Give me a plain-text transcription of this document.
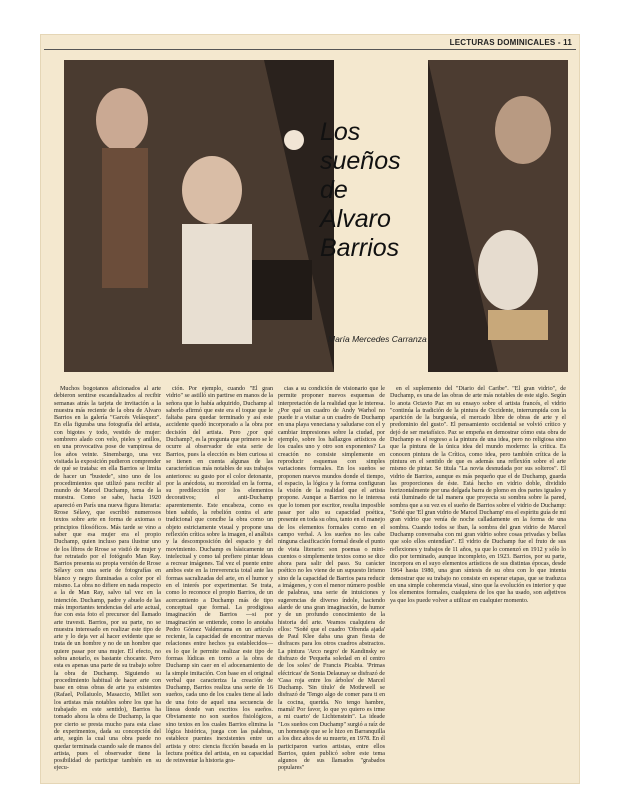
LECTURAS DOMINICALES - 11
Los
sueños
de
Alvaro
Barrios
María Mercedes Carranza

Muchos bogotanos aficionados al arte debieron sentirse escandalizados al recibir semanas atrás la tarjeta de invitación a la muestra más reciente de la obra de Alvaro Barrios en la galería "Garcés Velásquez". En ella figuraba una fotografía del artista, con bigotes y todo, vestido de mujer: sombrero alado con velo, pieles y anillos, en una provocativa pose de vampiresa de los años veinte. Sinembargo, una vez visitada la exposición pudieron comprender de qué se trataba: en ella Barrios se limita de hacer un "bustede", sino uno de los procedimientos que utilizó para recibir al mundo de Marcel Duchamp, tema de la muestra. Como se sabe, hacia 1920 apareció en París una nueva figura literaria: Rrose Sélavy, que escribió numerosos textos sobre arte en forma de axiomas o principios filosóficos. Más tarde se vino a saber que esa mujer era el propio Duchamp, quien incluso para ilustrar uno de los libros de Rrose se vistió de mujer y fue retratado por el fotógrafo Man Ray. Barrios presenta su propia versión de Rrose Sélavy con una serie de fotografías en blanco y negro iluminadas a color por el mismo. La obra no difiere en nada respecto a la de Man Ray, salvo tal vez en la intención. Duchamp, padre y abuelo de las más importantes tendencias del arte actual, fue con esta foto el precursor del llamado arte travesti. Barrios, por su parte, no se muestra interesado en realizar este tipo de arte y lo deja ver al hacer evidente que se trata de un hombre y no de un hombre que quiere pasar por una mujer. El efecto, no sobra anotarlo, es bastante chocante. Pero esta es apenas una parte de su trabajo sobre la obra de Duchamp. Siguiendo su procedimiento habitual de hacer arte con base en otras obras de arte ya existentes (Rafael, Pollaiuolo, Masaccio, Millet son los artistas más notables sobre los que ha trabajado en este sentido), Barrios ha tomado ahora la obra de Duchamp, la que por cierto se presta mucho para esta clase de experimentos, dada su concepción del arte, según la cual una obra puede no quedar terminada cuando sale de manos del artista, pues el observador tiene la posibilidad de participar también en su ejecu-

ción. Por ejemplo, cuando "El gran vidrio" se astilló sin partirse en manos de la señora que lo había adquirido, Duchamp al saberlo afirmó que este era el toque que le faltaba para quedar terminado y así este accidente quedó incorporado a la obra por decisión del artista. Pero ¿por qué Duchamp?, es la pregunta que primero se le ocurre al observador de esta serie de Barrios, pues la elección es bien curiosa si se tienen en cuenta algunas de las características más notables de sus trabajos anteriores: su gusto por el color detonante, por la anécdota, su moroidad en la forma, su predilección por los elementos decorativos; el anti-Duchamp aparentemente. Este encabeza, como es bien sabido, la rebelión contra el arte tradicional que concibe la obra como un objeto estrictamente visual y propone una reflexión crítica sobre la imagen, el análisis y la descomposición del espacio y del movimiento. Duchamp es básicamente un intelectual y como tal prefiere pintar ideas a recrear imágenes. Tal vez el puente entre ambos este en la irreverencia total ante las formas sacralizadas del arte, en el humor y en el interés por experimentar. Se trata, como lo reconoce el propio Barrios, de un acercamiento a Duchamp más de tipo conceptual que formal. La prodigiosa imaginación de Barrios —si por imaginación se entiende, como lo anotaba Pedro Gómez Valderrama en un artículo reciente, la capacidad de encontrar nuevas relaciones entre hechos ya establecidos— es lo que le permite realizar este tipo de formas lúdicas en torno a la obra de Duchamp sin caer en el adocenamiento de la simple imitación. Con base en el original verbal que caracteriza la creación de Duchamp, Barrios realiza una serie de 16 sueños, cada uno de los cuales tiene al lado de una foto de aquel una secuencia de líneas donde van escritos los sueños. Obviamente no son sueños fisiológicos, sino textos en los cuales Barrios elimina la lógica histórica, juega con las palabras, establece puentes inexistentes entre un artista y otro: ciencia ficción basada en la lectura poética del artista, en su capacidad de reinventar la historia gra-

cias a su condición de visionario que le permite proponer nuevos esquemas de interpretación de la realidad que le interesa. ¿Por qué un cuadro de Andy Warhol no puede ir a visitar a un cuadro de Duchamp en una playa veneciana y saludarse con el y cambiar impresiones sobre la ciudad, por ejemplo, sobre los hallazgos artísticos de los cuales uno y otro son exponentes? La creación no consiste simplemente en reproducir esquemas con simples variaciones formales. En los sueños se proponen nuevos mundos donde el tiempo, el espacio, la lógica y la forma configuran la visión de la realidad que el artista propone. Aunque a Barrios no le interesa que lo tomen por escritor, resulta imposible pasar por alto su capacidad poética, presente en toda su obra, tanto en el manejo de los elementos formales como en el campo verbal. A los sueños no les cabe ninguna clasificación formal desde el punto de vista literario: son poemas o mini-cuentos o simplemente textos como se dice ahora para salir del paso. Su carácter poético no les viene de un supuesto lirismo sino de la capacidad de Barrios para reducir a imágenes, y con el menor número posible de palabras, una serie de intuiciones y sugerencias de diverso índole, haciendo alarde de una gran imaginación, de humor y de un profundo conocimiento de la historia del arte. Veamos cualquiera de ellos: "Soñé que el cuadro 'Ofrenda ajada' de Paul Klee daba una gran fiesta de disfraces para los otros cuadros abstractos. La pintura 'Arco negro' de Kandinsky se disfrazo de 'Pequeña soledad en el centro de los soles' de Francis Picabia. 'Primas eléctricas' de Sonia Delaunay se disfrazó de 'Casa roja entre los árboles' de Marcel Duchamp. 'Sin título' de Mothrwell se disfrazó de 'Tengo algo de comer para ti en la cocina, querida. No tengo hambre, mamá! Por favor, lo que yo quiero es irme a mi cuarto' de Lichtenstein". La ideade "Los sueños con Duchamp" surgió a raíz de un homenaje que se le hizo en Barranquilla a los diez años de su muerte, en 1978. En él participaron varios artistas, entre ellos Barrios, quien publicó sobre este tema algunos de sus llamados "grabados populares"

en el suplemento del "Diario del Caribe". "El gran vidrio", de Duchamp, es una de las obras de arte más notables de este siglo. Según lo anota Octavio Paz en su ensayo sobre el artista francés, el vidrio "continúa la tradición de la pintura de Occidente, interrumpida con la aparición de la burguesía, el mercado libre de obras de arte y el predominio del gusto". El pensamiento occidental se volvió crítico y dejó de ser metafísico. Paz se empeña en demostrar cómo esta obra de Duchamp es el regreso a la pintura de una idea, pero no religiosa sino que la pintura de la única idea del mundo moderno: la crítica. Es conocen pintura de la Crítica, como idea, pero también crítica de la pintura en el sentido de que es además una reflexión sobre el arte mismo de pintar. Se titula "La novia desnudada por sus solteros". El vidrio de Barrios, aunque es más pequeño que el de Duchamp, guarda las proporciones de éste. Está hecho en vidrio doble, dividido horizontalmente por una delgada barra de plomo en dos partes iguales y está iluminado de tal manera que proyecta su sombra sobre la pared, sombra que a su vez es el sueño de Barrios sobre el vidrio de Duchamp: "Soñé que 'El gran vidrio de Marcel Duchamp' era el espíritu guía de mi gran vidrio que venía de noche calladamente en la forma de una sombra. Cuando todos se iban, la sombra del gran vidrio de Marcel Duchamp conversaba con mi gran vidrio sobre cosas privadas y bellas que solo ellos entendían". El vidrio de Duchamp fue el fruto de sus reflexiones y trabajos de 11 años, ya que lo comenzó en 1912 y sólo lo dio por terminado, aunque incompleto, en 1923. Barrios, por su parte, incorpora en el suyo elementos artísticos de sus distintas épocas, desde 1964 hasta 1980, una gran síntesis de su obra con lo que intenta demostrar que su trabajo no consiste en esperar etapas, que se traduzca en una simple coherencia visual, sino que la evolución es interior y que los elementos formales, cualquiera de los que ha usado, son adjetivos ya que los puede volver a utilizar en cualquier momento.
